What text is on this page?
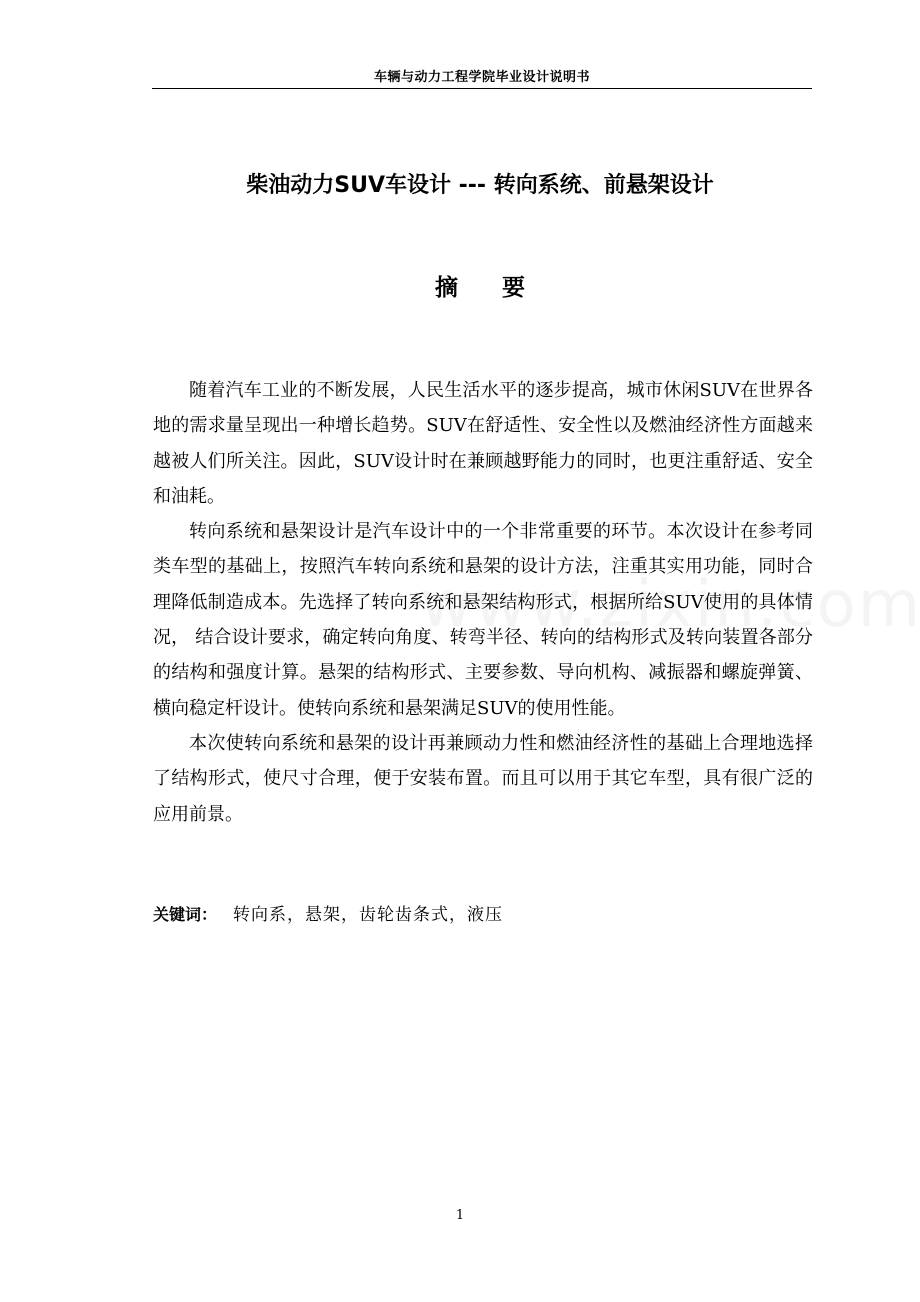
车辆与动力工程学院毕业设计说明书
柴油动力SUV车设计 --- 转向系统、前悬架设计
摘要

随着汽车工业的不断发展，人民生活水平的逐步提高，城市休闲SUV在世界各地的需求量呈现出一种增长趋势。SUV在舒适性、安全性以及燃油经济性方面越来越被人们所关注。因此，SUV设计时在兼顾越野能力的同时，也更注重舒适、安全和油耗。

转向系统和悬架设计是汽车设计中的一个非常重要的环节。本次设计在参考同类车型的基础上，按照汽车转向系统和悬架的设计方法，注重其实用功能，同时合理降低制造成本。先选择了转向系统和悬架结构形式，根据所给SUV使用的具体情况， 结合设计要求，确定转向角度、转弯半径、转向的结构形式及转向装置各部分的结构和强度计算。悬架的结构形式、主要参数、导向机构、减振器和螺旋弹簧、横向稳定杆设计。使转向系统和悬架满足SUV的使用性能。

本次使转向系统和悬架的设计再兼顾动力性和燃油经济性的基础上合理地选择了结构形式，使尺寸合理，便于安装布置。而且可以用于其它车型，具有很广泛的应用前景。

关键词： 转向系，悬架，齿轮齿条式，液压
1
